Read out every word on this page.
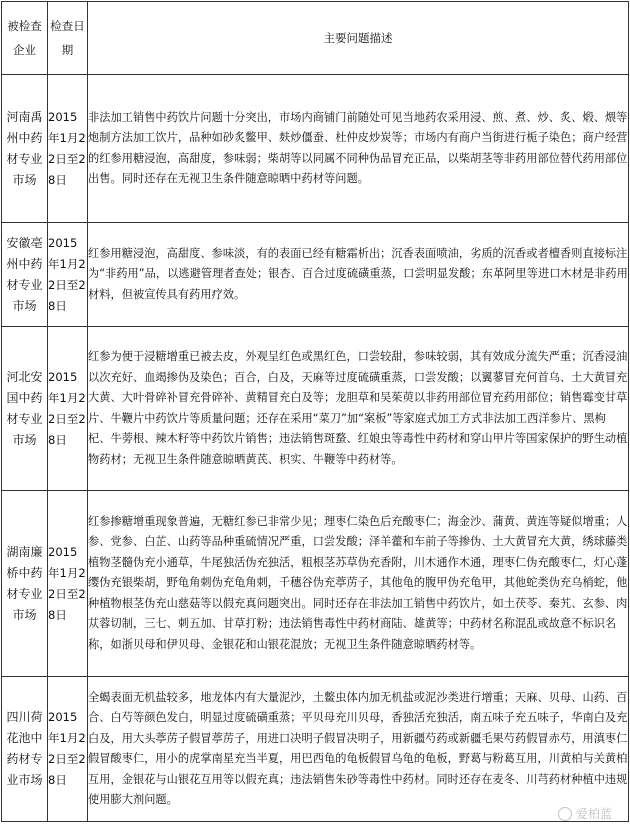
被检查企业	检查日期	主要问题描述
河南禹州中药材专业市场	2015年1月22日至28日	非法加工销售中药饮片问题十分突出，市场内商铺门前随处可见当地药农采用浸、煎、煮、炒、炙、煅、煨等炮制方法加工饮片，品种如砂炙鳖甲、麸炒僵蚕、杜仲皮炒炭等；市场内有商户当街进行栀子染色；商户经营的红参用糖浸泡，高甜度，参味弱；柴胡等以同属不同种伪品冒充正品，以柴胡茎等非药用部位替代药用部位出售。同时还存在无视卫生条件随意晾晒中药材等问题。
安徽亳州中药材专业市场	2015年1月22日至28日	红参用糖浸泡，高甜度、参味淡，有的表面已经有糖霜析出；沉香表面喷油，劣质的沉香或者檀香则直接标注为“非药用”品，以逃避管理者查处；银杏、百合过度硫磺重蒸，口尝明显发酸；东革阿里等进口木材是非药用材料，但被宣传具有药用疗效。
河北安国中药材专业市场	2015年1月22日至28日	红参为便于浸糖增重已被去皮，外观呈红色或黑红色，口尝较甜，参味较弱，其有效成分流失严重；沉香浸油以次充好、血竭掺伪及染色；百合，白及，天麻等过度硫磺重蒸，口尝发酸；以翼蓼冒充何首乌、土大黄冒充大黄、大叶骨碎补冒充骨碎补、黄精冒充白及等；龙胆草和吴茱萸以非药用部位冒充药用部位；销售霉变甘草片、牛鞭片中药饮片等质量问题；还存在采用“菜刀”加“案板”等家庭式加工方式非法加工西洋参片、黑枸杞、牛蒡根、辣木籽等中药饮片销售；违法销售斑蝥、红娘虫等毒性中药材和穿山甲片等国家保护的野生动植物药材；无视卫生条件随意晾晒黄芪、枳实、牛鞭等中药材等。
湖南廉桥中药材专业市场	2015年1月22日至28日	红参掺糖增重现象普遍，无糖红参已非常少见；理枣仁染色后充酸枣仁；海金沙、蒲黄、黄连等疑似增重；人参、党参、白芷、山药等品种重硫情况严重，口尝发酸；泽羊藿和车前子等掺伪、土大黄冒充大黄，绣球藤类植物茎髓伪充小通草，牛尾独活伪充独活，粗根茎苏草伪充香附，川木通作木通，理枣仁伪充酸枣仁，灯心蓬缨伪充银柴胡，野龟角刺伪充龟角刺，千穗谷伪充葶苈子，其他龟的腹甲伪充龟甲，其他蛇类伪充乌梢蛇，他种植物根茎伪充山慈菇等以假充真问题突出。同时还存在非法加工销售中药饮片，如土茯苓、秦艽、玄参、肉苁蓉切制，三七、刺五加、甘草打粉；违法销售毒性中药材商陆、雄黄等；中药材名称混乱或故意不标识名称，如浙贝母和伊贝母、金银花和山银花混放；无视卫生条件随意晾晒药材等。
四川荷花池中药材专业市场	2015年1月22日至28日	全蝎表面无机盐较多，地龙体内有大量泥沙，土鳖虫体内加无机盐或泥沙类进行增重；天麻、贝母、山药、百合、白芍等颜色发白，明显过度硫磺重蒸；平贝母充川贝母，香独活充独活，南五味子充五味子，华南白及充白及，用大头葶苈子假冒葶苈子，用进口决明子假冒决明子，用新疆芍药或新疆毛果芍药假冒赤芍，用滇枣仁假冒酸枣仁，用小的虎掌南星充当半夏，用巴西龟的龟板假冒乌龟的龟板，野葛与粉葛互用，川黄柏与关黄柏互用，金银花与山银花互用等以假充真；违法销售朱砂等毒性中药材。同时还存在麦冬、川芎药材种植中违规使用膨大剂问题。
爱柏蓝
